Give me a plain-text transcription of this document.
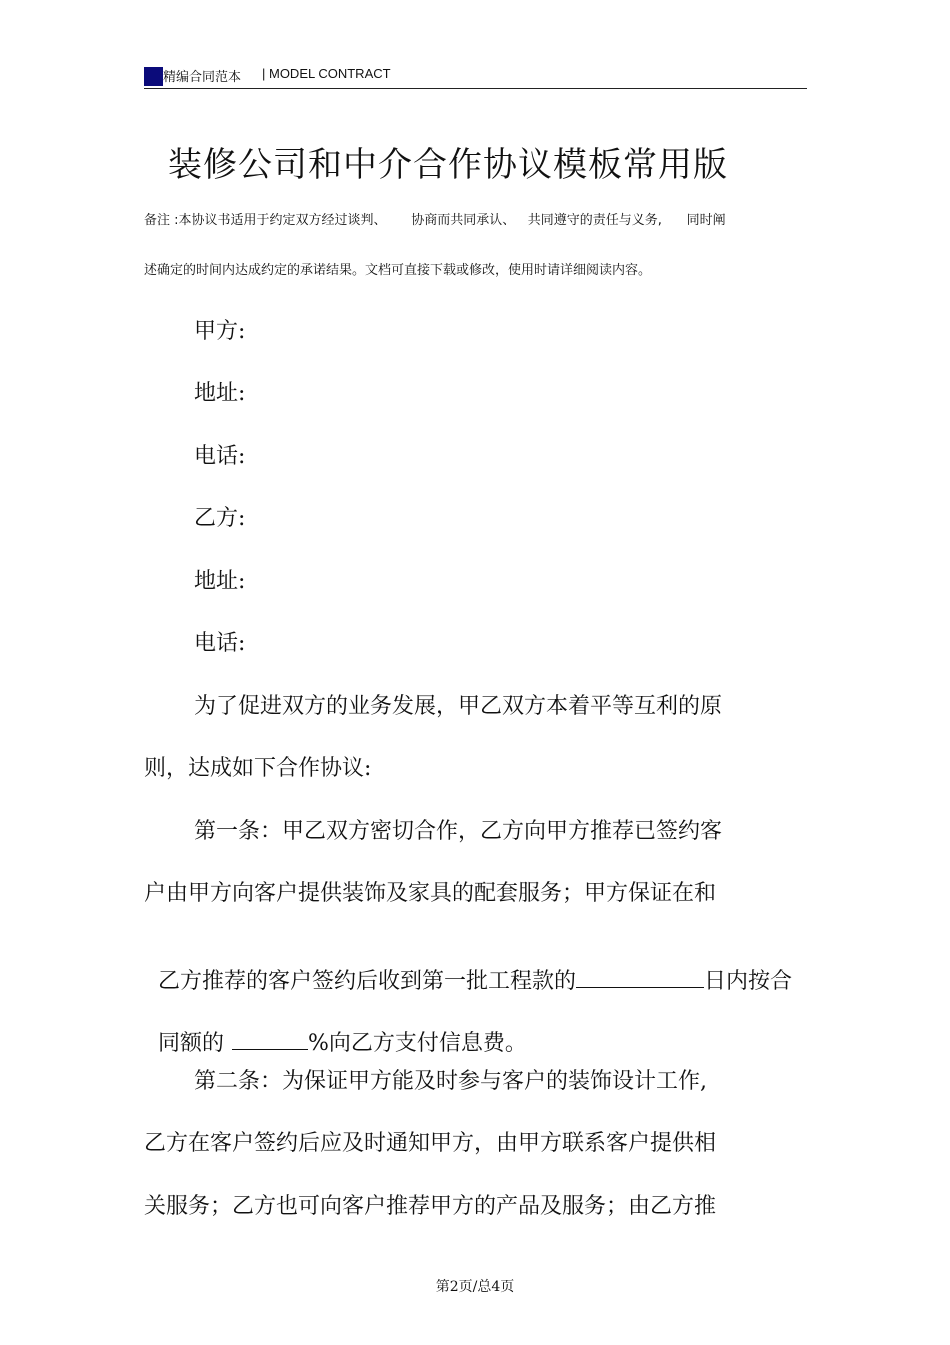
精编合同范本 | MODEL CONTRACT
装修公司和中介合作协议模板常用版
备注 :本协议书适用于约定双方经过谈判、      协商而共同承认、   共同遵守的责任与义务,      同时阐
述确定的时间内达成约定的承诺结果。文档可直接下载或修改，使用时请详细阅读内容。
甲方:
地址:
电话:
乙方:
地址:
电话:
为了促进双方的业务发展，甲乙双方本着平等互利的原
则，达成如下合作协议:
第一条：甲乙双方密切合作，乙方向甲方推荐已签约客
户由甲方向客户提供装饰及家具的配套服务；甲方保证在和

乙方推荐的客户签约后收到第一批工程款的	日内按合

同额的	%向乙方支付信息费。

第二条：为保证甲方能及时参与客户的装饰设计工作,
乙方在客户签约后应及时通知甲方，由甲方联系客户提供相
关服务；乙方也可向客户推荐甲方的产品及服务；由乙方推
第2页/总4页
